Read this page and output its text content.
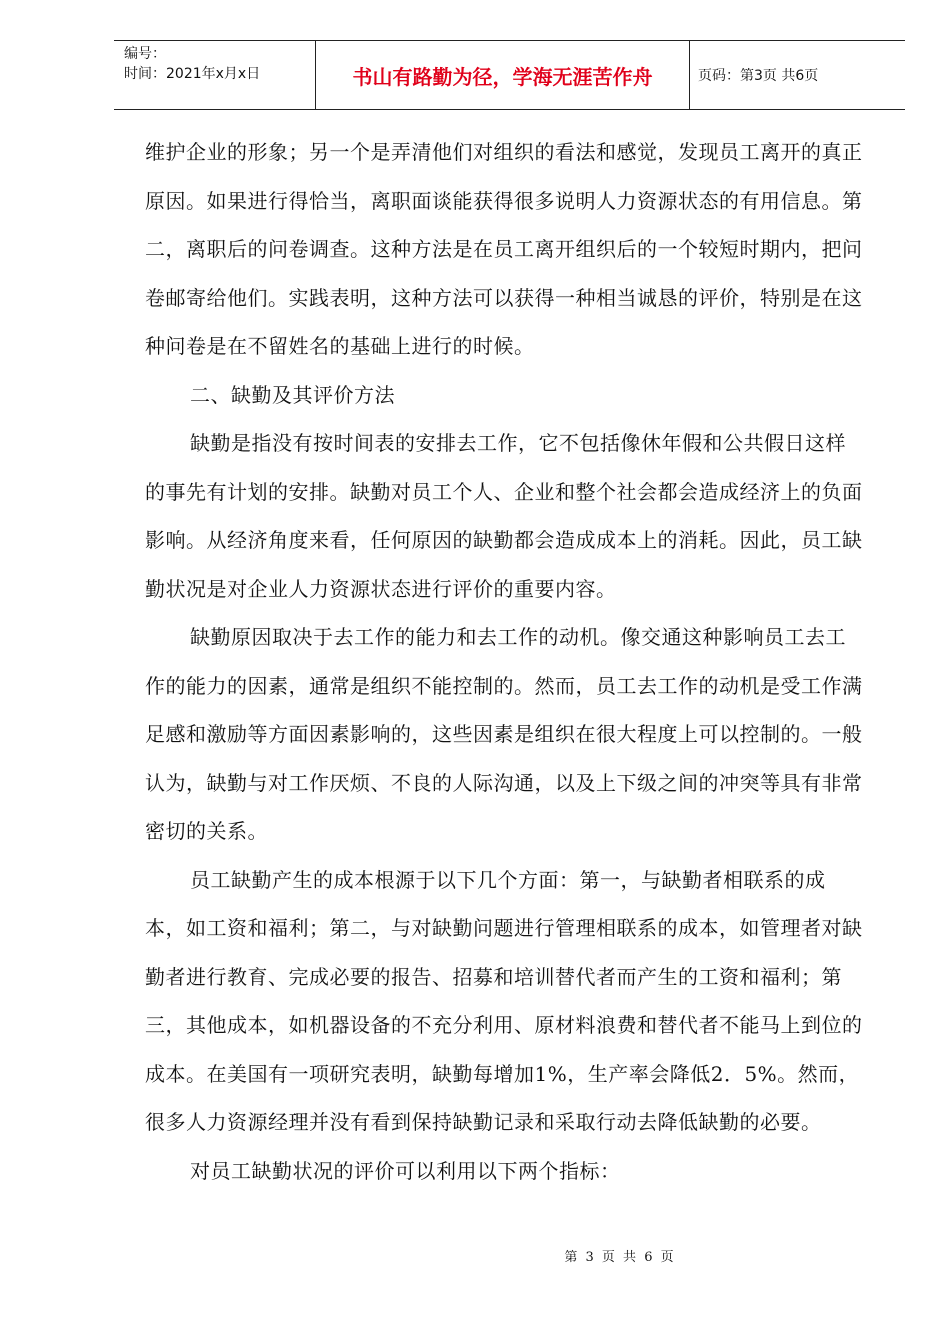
编号：
时间：2021年x月x日	书山有路勤为径，学海无涯苦作舟	页码：第3页 共6页

维护企业的形象；另一个是弄清他们对组织的看法和感觉，发现员工离开的真正原因。如果进行得恰当，离职面谈能获得很多说明人力资源状态的有用信息。第二，离职后的问卷调查。这种方法是在员工离开组织后的一个较短时期内，把问卷邮寄给他们。实践表明，这种方法可以获得一种相当诚恳的评价，特别是在这种问卷是在不留姓名的基础上进行的时候。

二、缺勤及其评价方法

缺勤是指没有按时间表的安排去工作，它不包括像休年假和公共假日这样的事先有计划的安排。缺勤对员工个人、企业和整个社会都会造成经济上的负面影响。从经济角度来看，任何原因的缺勤都会造成成本上的消耗。因此，员工缺勤状况是对企业人力资源状态进行评价的重要内容。

缺勤原因取决于去工作的能力和去工作的动机。像交通这种影响员工去工作的能力的因素，通常是组织不能控制的。然而，员工去工作的动机是受工作满足感和激励等方面因素影响的，这些因素是组织在很大程度上可以控制的。一般认为，缺勤与对工作厌烦、不良的人际沟通，以及上下级之间的冲突等具有非常密切的关系。

员工缺勤产生的成本根源于以下几个方面：第一，与缺勤者相联系的成本，如工资和福利；第二，与对缺勤问题进行管理相联系的成本，如管理者对缺勤者进行教育、完成必要的报告、招募和培训替代者而产生的工资和福利；第三，其他成本，如机器设备的不充分利用、原材料浪费和替代者不能马上到位的成本。在美国有一项研究表明，缺勤每增加1%，生产率会降低2．5%。然而，很多人力资源经理并没有看到保持缺勤记录和采取行动去降低缺勤的必要。

对员工缺勤状况的评价可以利用以下两个指标：

第 3 页 共 6 页
